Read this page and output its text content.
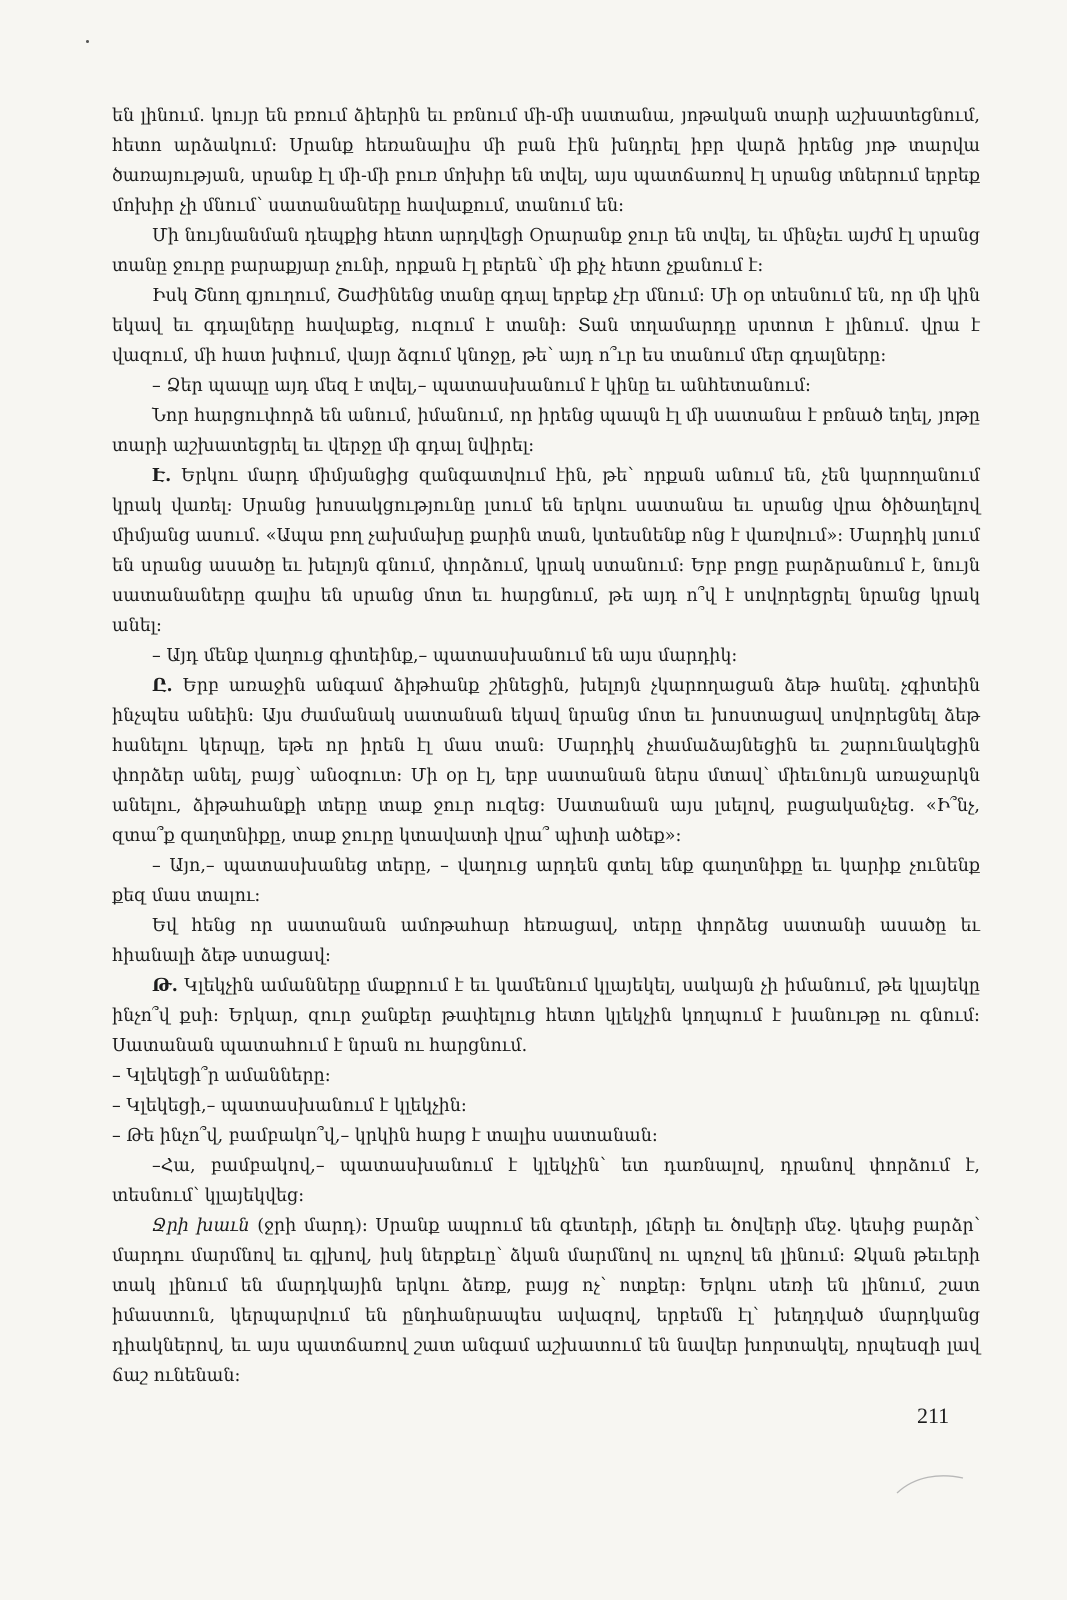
են լինում. կույր են բռում ձիերին եւ բռնում մի-մի սատանա, յոթական տարի աշխատեցնում, հետո արձակում։ Սրանք հեռանալիս մի բան էին խնդրել իբր վարձ իրենց յոթ տարվա ծառայության, սրանք էլ մի-մի բուռ մոխիր են տվել, այս պատճառով էլ սրանց տներում երբեք մոխիր չի մնում՝ սատանաները հավաքում, տանում են։

Մի նույնանման դեպքից հետո արդվեցի Օրարանք ջուր են տվել, եւ մինչեւ այժմ էլ սրանց տանը ջուրը բարաքյար չունի, որքան էլ բերեն՝ մի քիչ հետո չքանում է։

Իսկ Շնող գյուղում, Շաժինենց տանը գդալ երբեք չէր մնում։ Մի օր տեսնում են, որ մի կին եկավ եւ գդալները հավաքեց, ուզում է տանի։ Տան տղամարդը սրտոտ է լինում. վրա է վազում, մի հատ խփում, վայր ձգում կնոջը, թե՝ այդ ո՞ւր ես տանում մեր գդալները։

– Ձեր պապը այդ մեզ է տվել,– պատասխանում է կինը եւ անհետանում։

Նոր հարցուփորձ են անում, իմանում, որ իրենց պապն էլ մի սատանա է բռնած եղել, յոթը տարի աշխատեցրել եւ վերջը մի գդալ նվիրել։

Է. Երկու մարդ միմյանցից զանգատվում էին, թե՝ որքան անում են, չեն կարողանում կրակ վառել։ Սրանց խոսակցությունը լսում են երկու սատանա եւ սրանց վրա ծիծաղելով միմյանց ասում. «Ապա բող չախմախը քարին տան, կտեսնենք ոնց է վառվում»։ Մարդիկ լսում են սրանց ասածը եւ խելոյն գնում, փորձում, կրակ ստանում։ Երբ բոցը բարձրանում է, նույն սատանաները գալիս են սրանց մոտ եւ հարցնում, թե այդ ո՞վ է սովորեցրել նրանց կրակ անել։

– Այդ մենք վաղուց գիտեինք,– պատասխանում են այս մարդիկ։

Ը. Երբ առաջին անգամ ձիթհանք շինեցին, խելոյն չկարողացան ձեթ հանել. չգիտեին ինչպես անեին։ Այս ժամանակ սատանան եկավ նրանց մոտ եւ խոստացավ սովորեցնել ձեթ հանելու կերպը, եթե որ իրեն էլ մաս տան։ Մարդիկ չհամաձայնեցին եւ շարունակեցին փորձեր անել, բայց՝ անօգուտ։ Մի օր էլ, երբ սատանան ներս մտավ՝ միեւնույն առաջարկն անելու, ձիթահանքի տերը տաք ջուր ուզեց։ Սատանան այս լսելով, բացականչեց. «Ի՞նչ, զտա՞ք զաղտնիքը, տաք ջուրը կտավատի վրա՞ պիտի ածեք»։

– Այո,– պատասխանեց տերը, – վաղուց արդեն գտել ենք գաղտնիքը եւ կարիք չունենք քեզ մաս տալու։

Եվ հենց որ սատանան ամոթահար հեռացավ, տերը փորձեց սատանի ասածը եւ հիանալի ձեթ ստացավ։

Թ. Կլեկչին ամանները մաքրում է եւ կամենում կլայեկել, սակայն չի իմանում, թե կլայեկը ինչո՞վ քսի։ Երկար, զուր ջանքեր թափելուց հետո կլեկչին կողպում է խանութը ու գնում։ Սատանան պատահում է նրան ու հարցնում.

– Կլեկեցի՞ր ամանները։

– Կլեկեցի,– պատասխանում է կլեկչին։

– Թե ինչո՞վ, բամբակո՞վ,– կրկին հարց է տալիս սատանան։

–Հա, բամբակով,– պատասխանում է կլեկչին՝ ետ դառնալով, դրանով փորձում է, տեսնում՝ կլայեկվեց։

Ջրի խաւն (ջրի մարդ)։ Սրանք ապրում են գետերի, լճերի եւ ծովերի մեջ. կեսից բարձր՝ մարդու մարմնով եւ գլխով, իսկ ներքեւը՝ ձկան մարմնով ու պոչով են լինում։ Ձկան թեւերի տակ լինում են մարդկային երկու ձեռք, բայց ոչ՝ ոտքեր։ Երկու սեռի են լինում, շատ իմաստուն, կերպարվում են ընդհանրապես ավազով, երբեմն էլ՝ խեղդված մարդկանց դիակներով, եւ այս պատճառով շատ անգամ աշխատում են նավեր խորտակել, որպեսզի լավ ճաշ ունենան։

211
